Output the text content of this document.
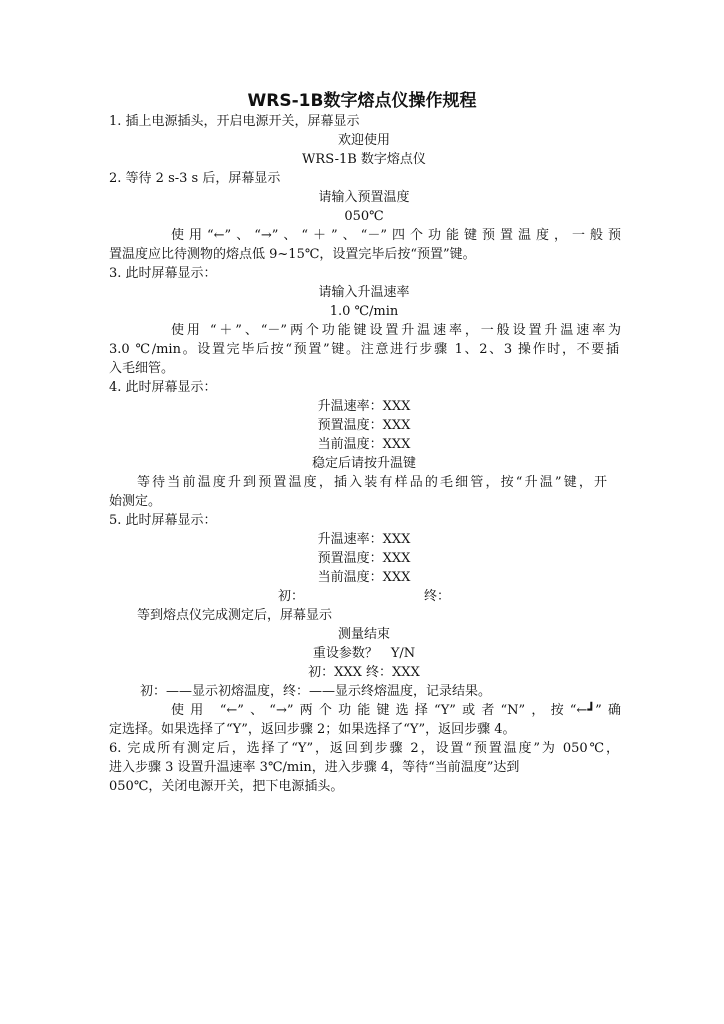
WRS-1B数字熔点仪操作规程
1. 插上电源插头，开启电源开关，屏幕显示
欢迎使用
WRS-1B 数字熔点仪
2. 等待 2 s-3 s 后，屏幕显示
请输入预置温度
050℃
使用“←”、“→”、“＋”、“－”四个功能键预置温度，一般预
置温度应比待测物的熔点低 9~15℃，设置完毕后按“预置”键。
3. 此时屏幕显示：
请输入升温速率
1.0 ℃/min
使用 “＋”、“－”两个功能键设置升温速率，一般设置升温速率为
3.0 ℃/min。设置完毕后按“预置”键。注意进行步骤 1、2、3 操作时，不要插
入毛细管。
4. 此时屏幕显示：
升温速率：XXX
预置温度：XXX
当前温度：XXX
稳定后请按升温键
等待当前温度升到预置温度，插入装有样品的毛细管，按“升温”键，开
始测定。
5. 此时屏幕显示：
升温速率：XXX
预置温度：XXX
当前温度：XXX
初：	终：
等到熔点仪完成测定后，屏幕显示
测量结束
重设参数？　Y/N
初：XXX 终：XXX
初：——显示初熔温度，终：——显示终熔温度，记录结果。
使用 “←”、“→”两个功能键选择“Y”或者“N”，按“←┛”确
定选择。如果选择了“Y”，返回步骤 2；如果选择了“Y”，返回步骤 4。
6. 完成所有测定后，选择了“Y”，返回到步骤 2，设置“预置温度”为 050℃，
进入步骤 3 设置升温速率 3℃/min，进入步骤 4，等待“当前温度”达到
050℃，关闭电源开关，把下电源插头。
